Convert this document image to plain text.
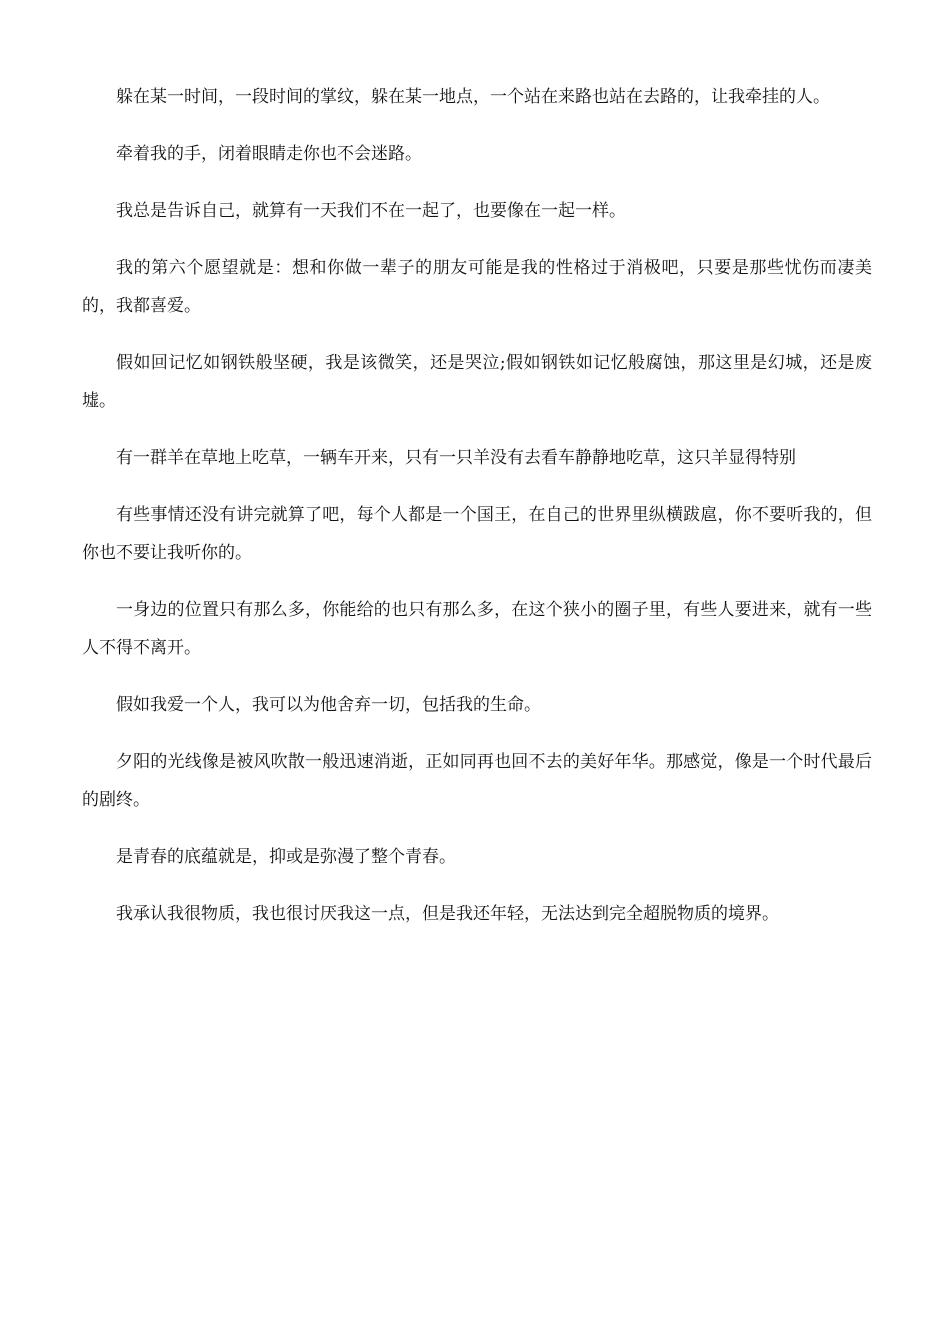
躲在某一时间，一段时间的掌纹，躲在某一地点，一个站在来路也站在去路的，让我牵挂的人。

牵着我的手，闭着眼睛走你也不会迷路。

我总是告诉自己，就算有一天我们不在一起了，也要像在一起一样。

我的第六个愿望就是：想和你做一辈子的朋友可能是我的性格过于消极吧，只要是那些忧伤而凄美的，我都喜爱。

假如回记忆如钢铁般坚硬，我是该微笑，还是哭泣;假如钢铁如记忆般腐蚀，那这里是幻城，还是废墟。

有一群羊在草地上吃草，一辆车开来，只有一只羊没有去看车静静地吃草，这只羊显得特别

有些事情还没有讲完就算了吧，每个人都是一个国王，在自己的世界里纵横跋扈，你不要听我的，但你也不要让我听你的。

一身边的位置只有那么多，你能给的也只有那么多，在这个狭小的圈子里，有些人要进来，就有一些人不得不离开。

假如我爱一个人，我可以为他舍弃一切，包括我的生命。

夕阳的光线像是被风吹散一般迅速消逝，正如同再也回不去的美好年华。那感觉，像是一个时代最后的剧终。

是青春的底蕴就是，抑或是弥漫了整个青春。

我承认我很物质，我也很讨厌我这一点，但是我还年轻，无法达到完全超脱物质的境界。
